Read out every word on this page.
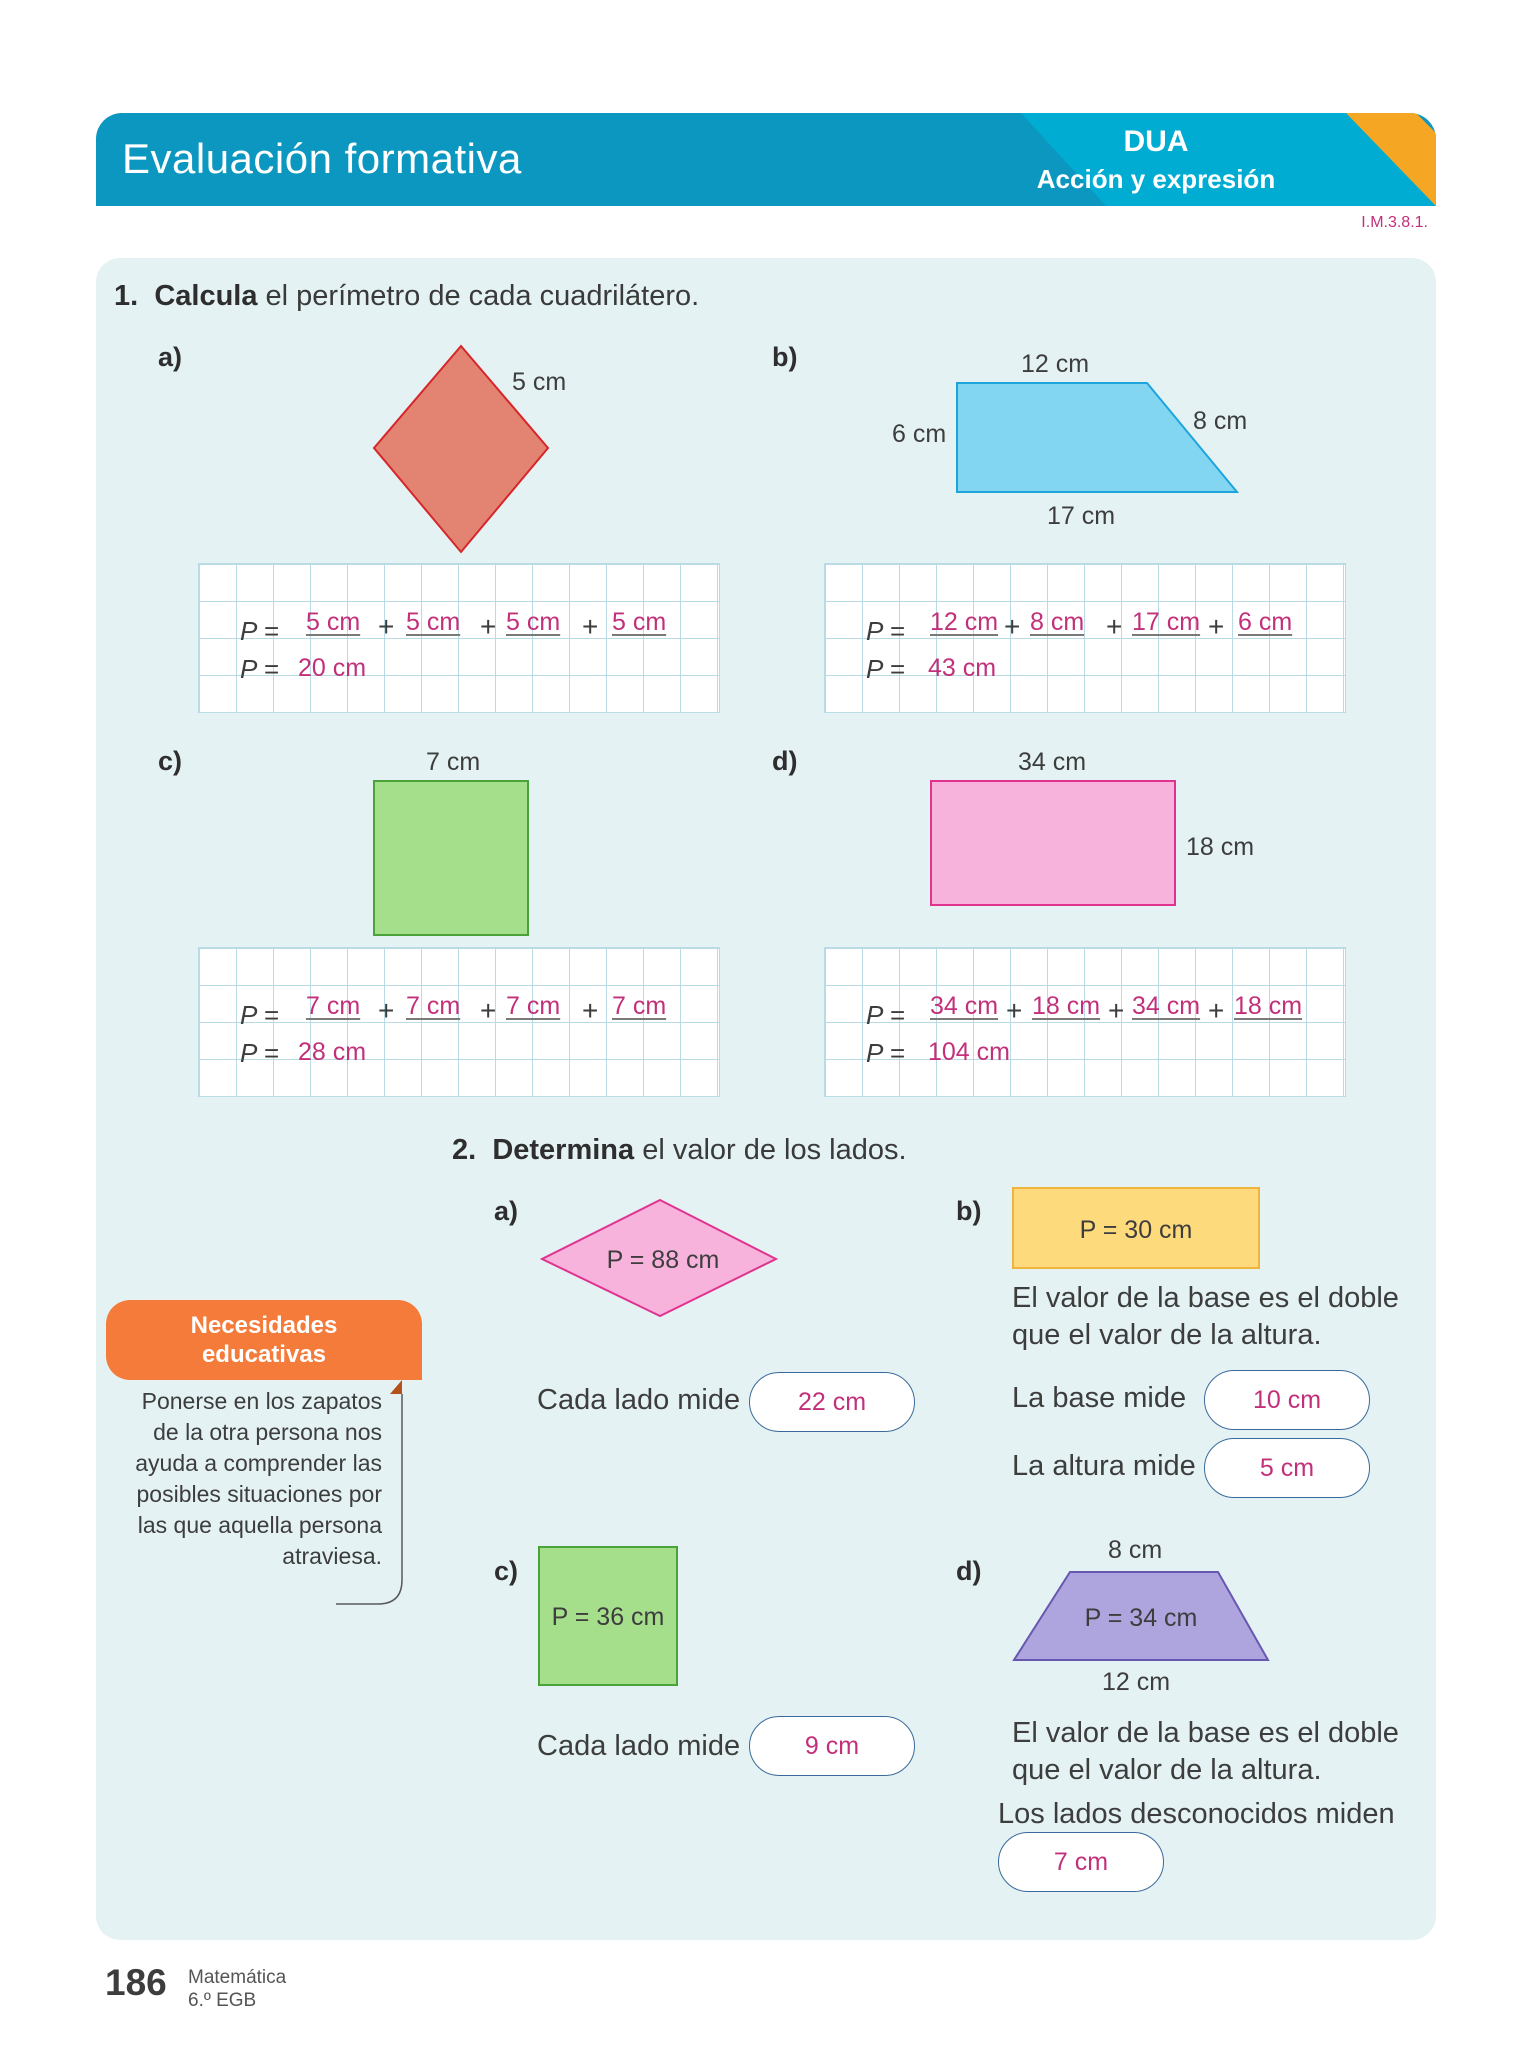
Evaluación formativa	DUA
Acción y expresión
I.M.3.8.1.
1. Calcula el perímetro de cada cuadrilátero.
a)
5 cm
P = 5 cm + 5 cm + 5 cm + 5 cm
P = 20 cm
b)	12 cm
8 cm
6 cm
17 cm
P = 12 cm + 8 cm + 17 cm + 6 cm
P = 43 cm
c)	7 cm
P = 7 cm + 7 cm + 7 cm + 7 cm
P = 28 cm
d)	34 cm
18 cm
P = 34 cm + 18 cm + 34 cm + 18 cm
P = 104 cm
2. Determina el valor de los lados.
a)
P = 88 cm
Cada lado mide	22 cm
b)
P = 30 cm
El valor de la base es el doble
que el valor de la altura.
La base mide	10 cm
La altura mide	5 cm
c)
P = 36 cm
Cada lado mide	9 cm
d)
8 cm
P = 34 cm
12 cm
El valor de la base es el doble
que el valor de la altura.
Los lados desconocidos miden
7 cm
Necesidades
educativas
Ponerse en los zapatos
de la otra persona nos
ayuda a comprender las
posibles situaciones por
las que aquella persona
atraviesa.
186 Matemática
6.º EGB
